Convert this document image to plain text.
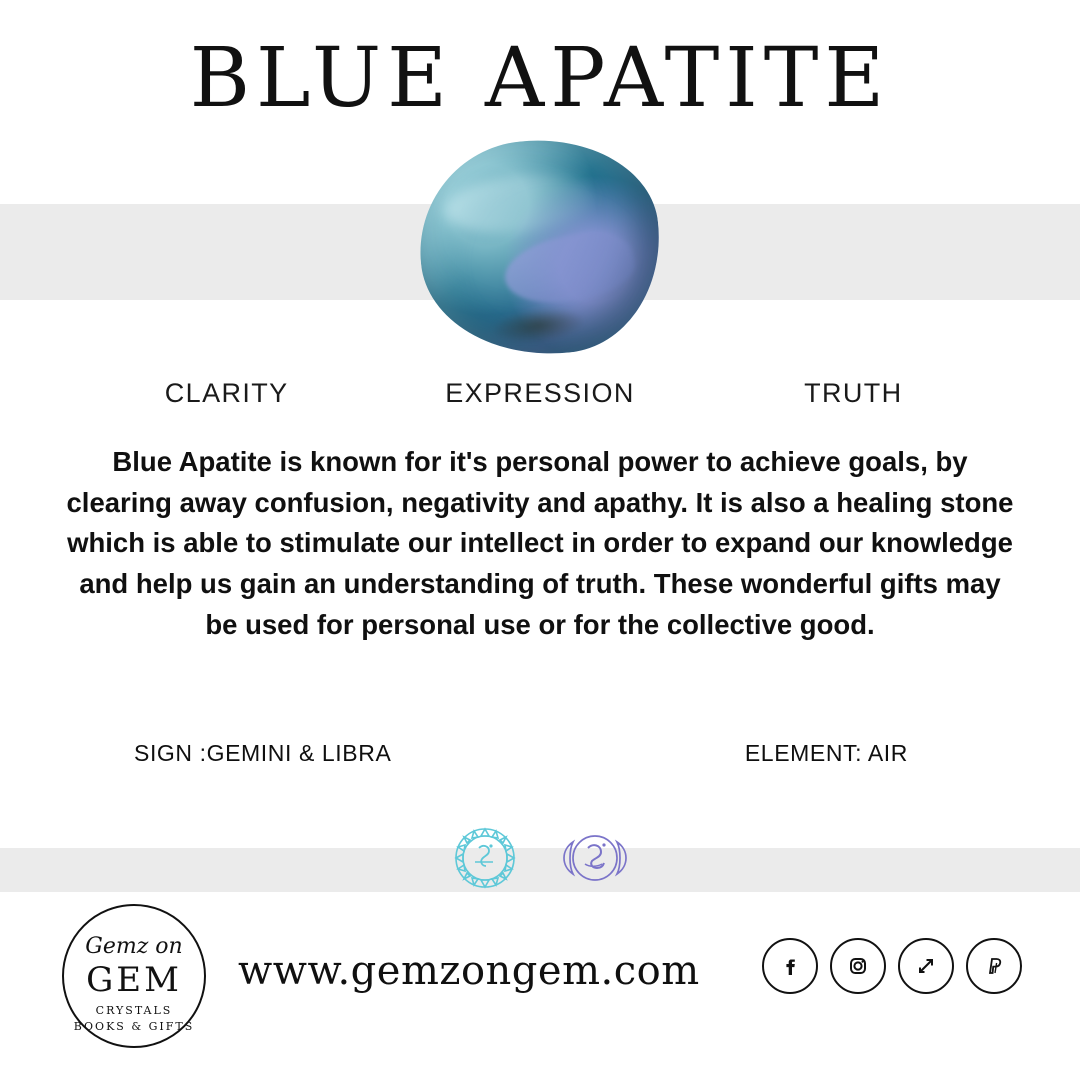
BLUE APATITE
CLARITY	EXPRESSION	TRUTH

Blue Apatite is known for it's personal power to achieve goals, by clearing away confusion, negativity and apathy. It is also a healing stone which is able to stimulate our intellect in order to expand our knowledge and help us gain an understanding of truth. These wonderful gifts may be used for personal use or for the collective good.

SIGN :GEMINI & LIBRA	ELEMENT: AIR
Gemz on
GEM
CRYSTALS
BOOKS & GIFTS
www.gemzongem.com
